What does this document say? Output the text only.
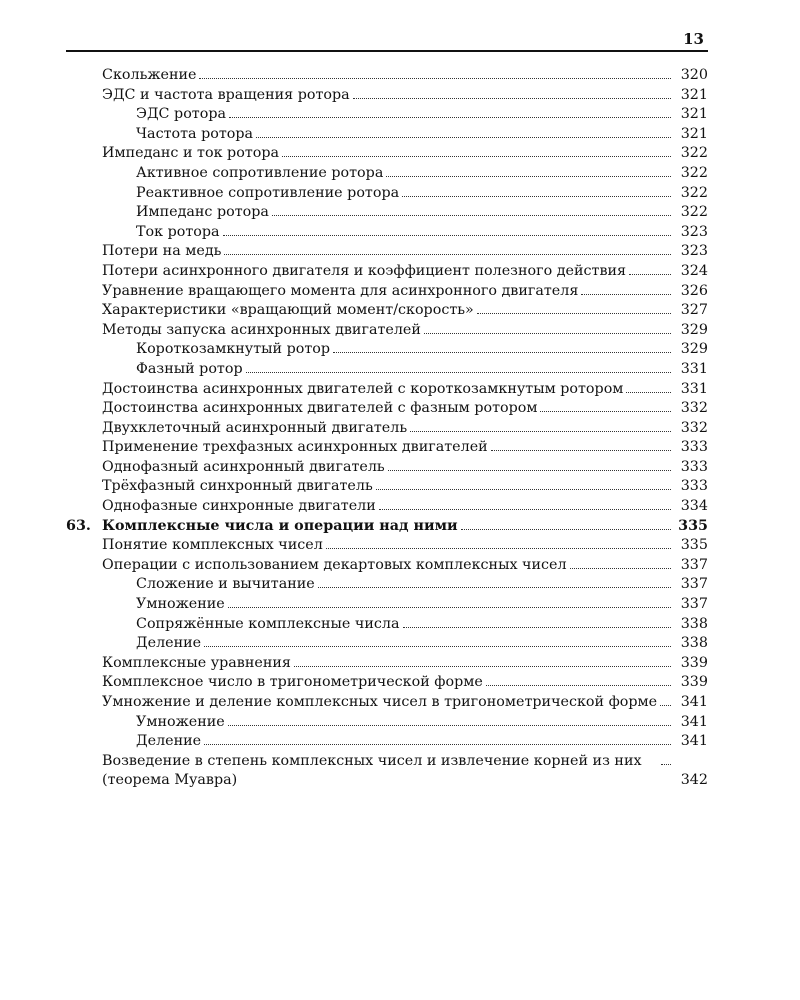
13
Скольжение	320
ЭДС и частота вращения ротора	321
ЭДС ротора	321
Частота ротора	321
Импеданс и ток ротора	322
Активное сопротивление ротора	322
Реактивное сопротивление ротора	322
Импеданс ротора	322
Ток ротора	323
Потери на медь	323
Потери асинхронного двигателя и коэффициент полезного действия	324
Уравнение вращающего момента для асинхронного двигателя	326
Характеристики «вращающий момент/скорость»	327
Методы запуска асинхронных двигателей	329
Короткозамкнутый ротор	329
Фазный ротор	331
Достоинства асинхронных двигателей с короткозамкнутым ротором	331
Достоинства асинхронных двигателей с фазным ротором	332
Двухклеточный асинхронный двигатель	332
Применение трехфазных асинхронных двигателей	333
Однофазный асинхронный двигатель	333
Трёхфазный синхронный двигатель	333
Однофазные синхронные двигатели	334
63. Комплексные числа и операции над ними	335
Понятие комплексных чисел	335
Операции с использованием декартовых комплексных чисел	337
Сложение и вычитание	337
Умножение	337
Сопряжённые комплексные числа	338
Деление	338
Комплексные уравнения	339
Комплексное число в тригонометрической форме	339
Умножение и деление комплексных чисел в тригонометрической форме	341
Умножение	341
Деление	341
Возведение в степень комплексных чисел и извлечение корней из них (теорема Муавра)	342
